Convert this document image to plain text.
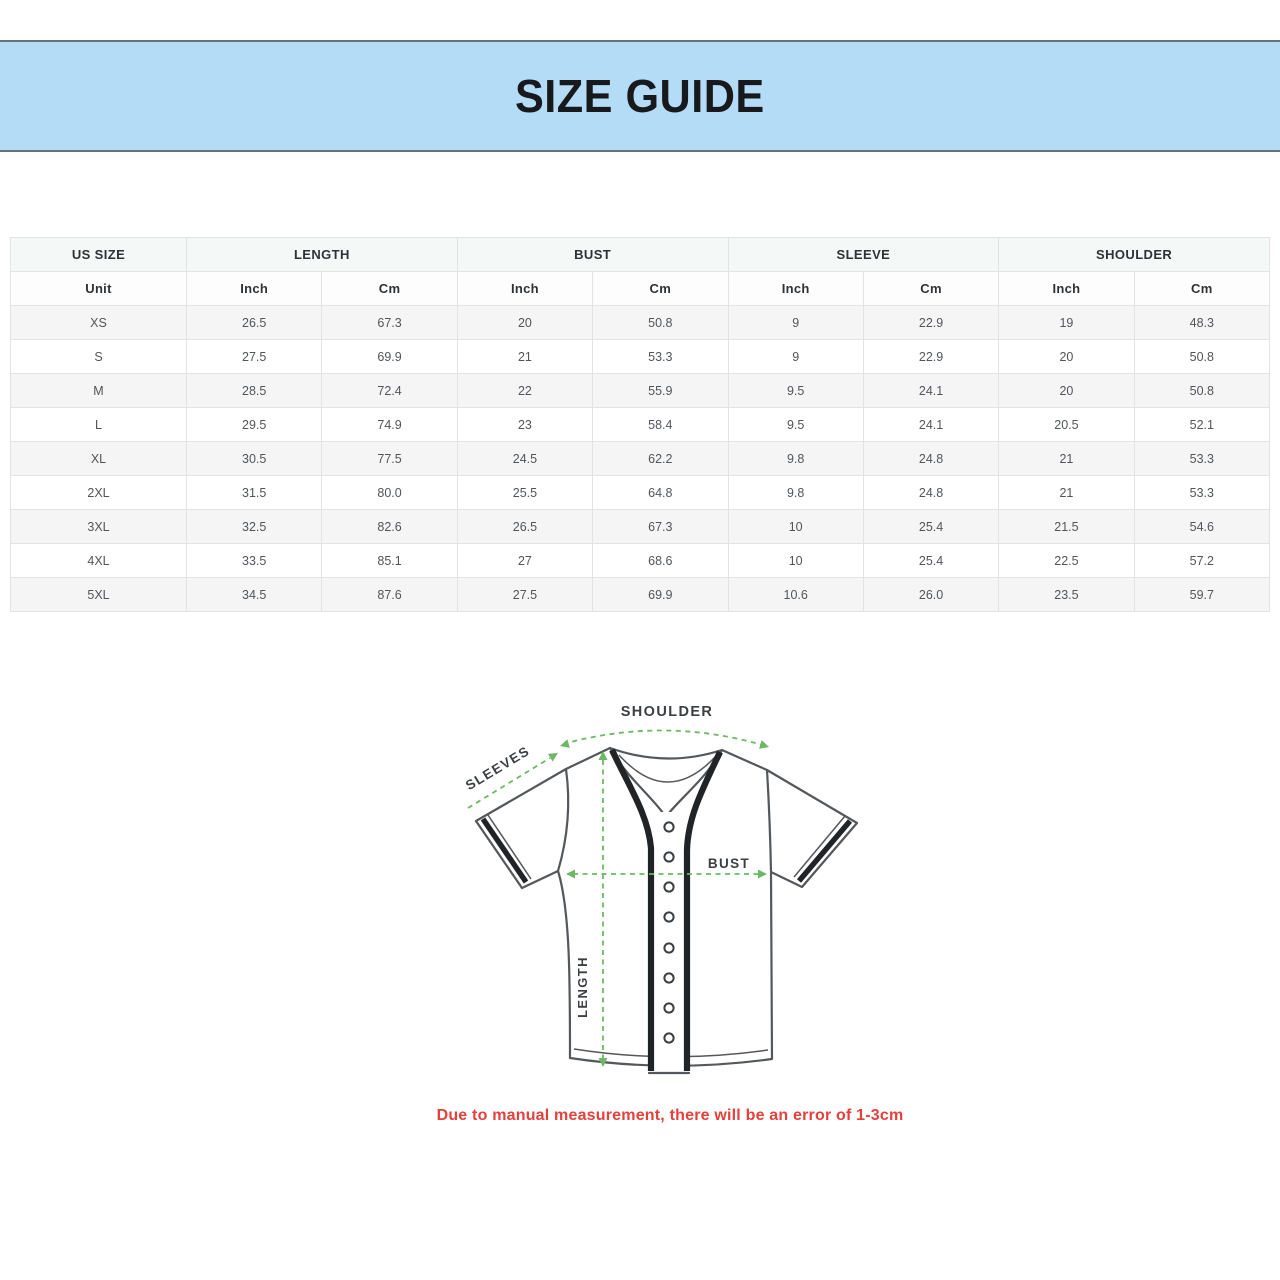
SIZE GUIDE
US SIZE	LENGTH		BUST		SLEEVE		SHOULDER	
Unit	Inch	Cm	Inch	Cm	Inch	Cm	Inch	Cm
XS	26.5	67.3	20	50.8	9	22.9	19	48.3
S	27.5	69.9	21	53.3	9	22.9	20	50.8
M	28.5	72.4	22	55.9	9.5	24.1	20	50.8
L	29.5	74.9	23	58.4	9.5	24.1	20.5	52.1
XL	30.5	77.5	24.5	62.2	9.8	24.8	21	53.3
2XL	31.5	80.0	25.5	64.8	9.8	24.8	21	53.3
3XL	32.5	82.6	26.5	67.3	10	25.4	21.5	54.6
4XL	33.5	85.1	27	68.6	10	25.4	22.5	57.2
5XL	34.5	87.6	27.5	69.9	10.6	26.0	23.5	59.7
SHOULDER
SLEEVES
BUST
LENGTH
Due to manual measurement, there will be an error of 1-3cm
